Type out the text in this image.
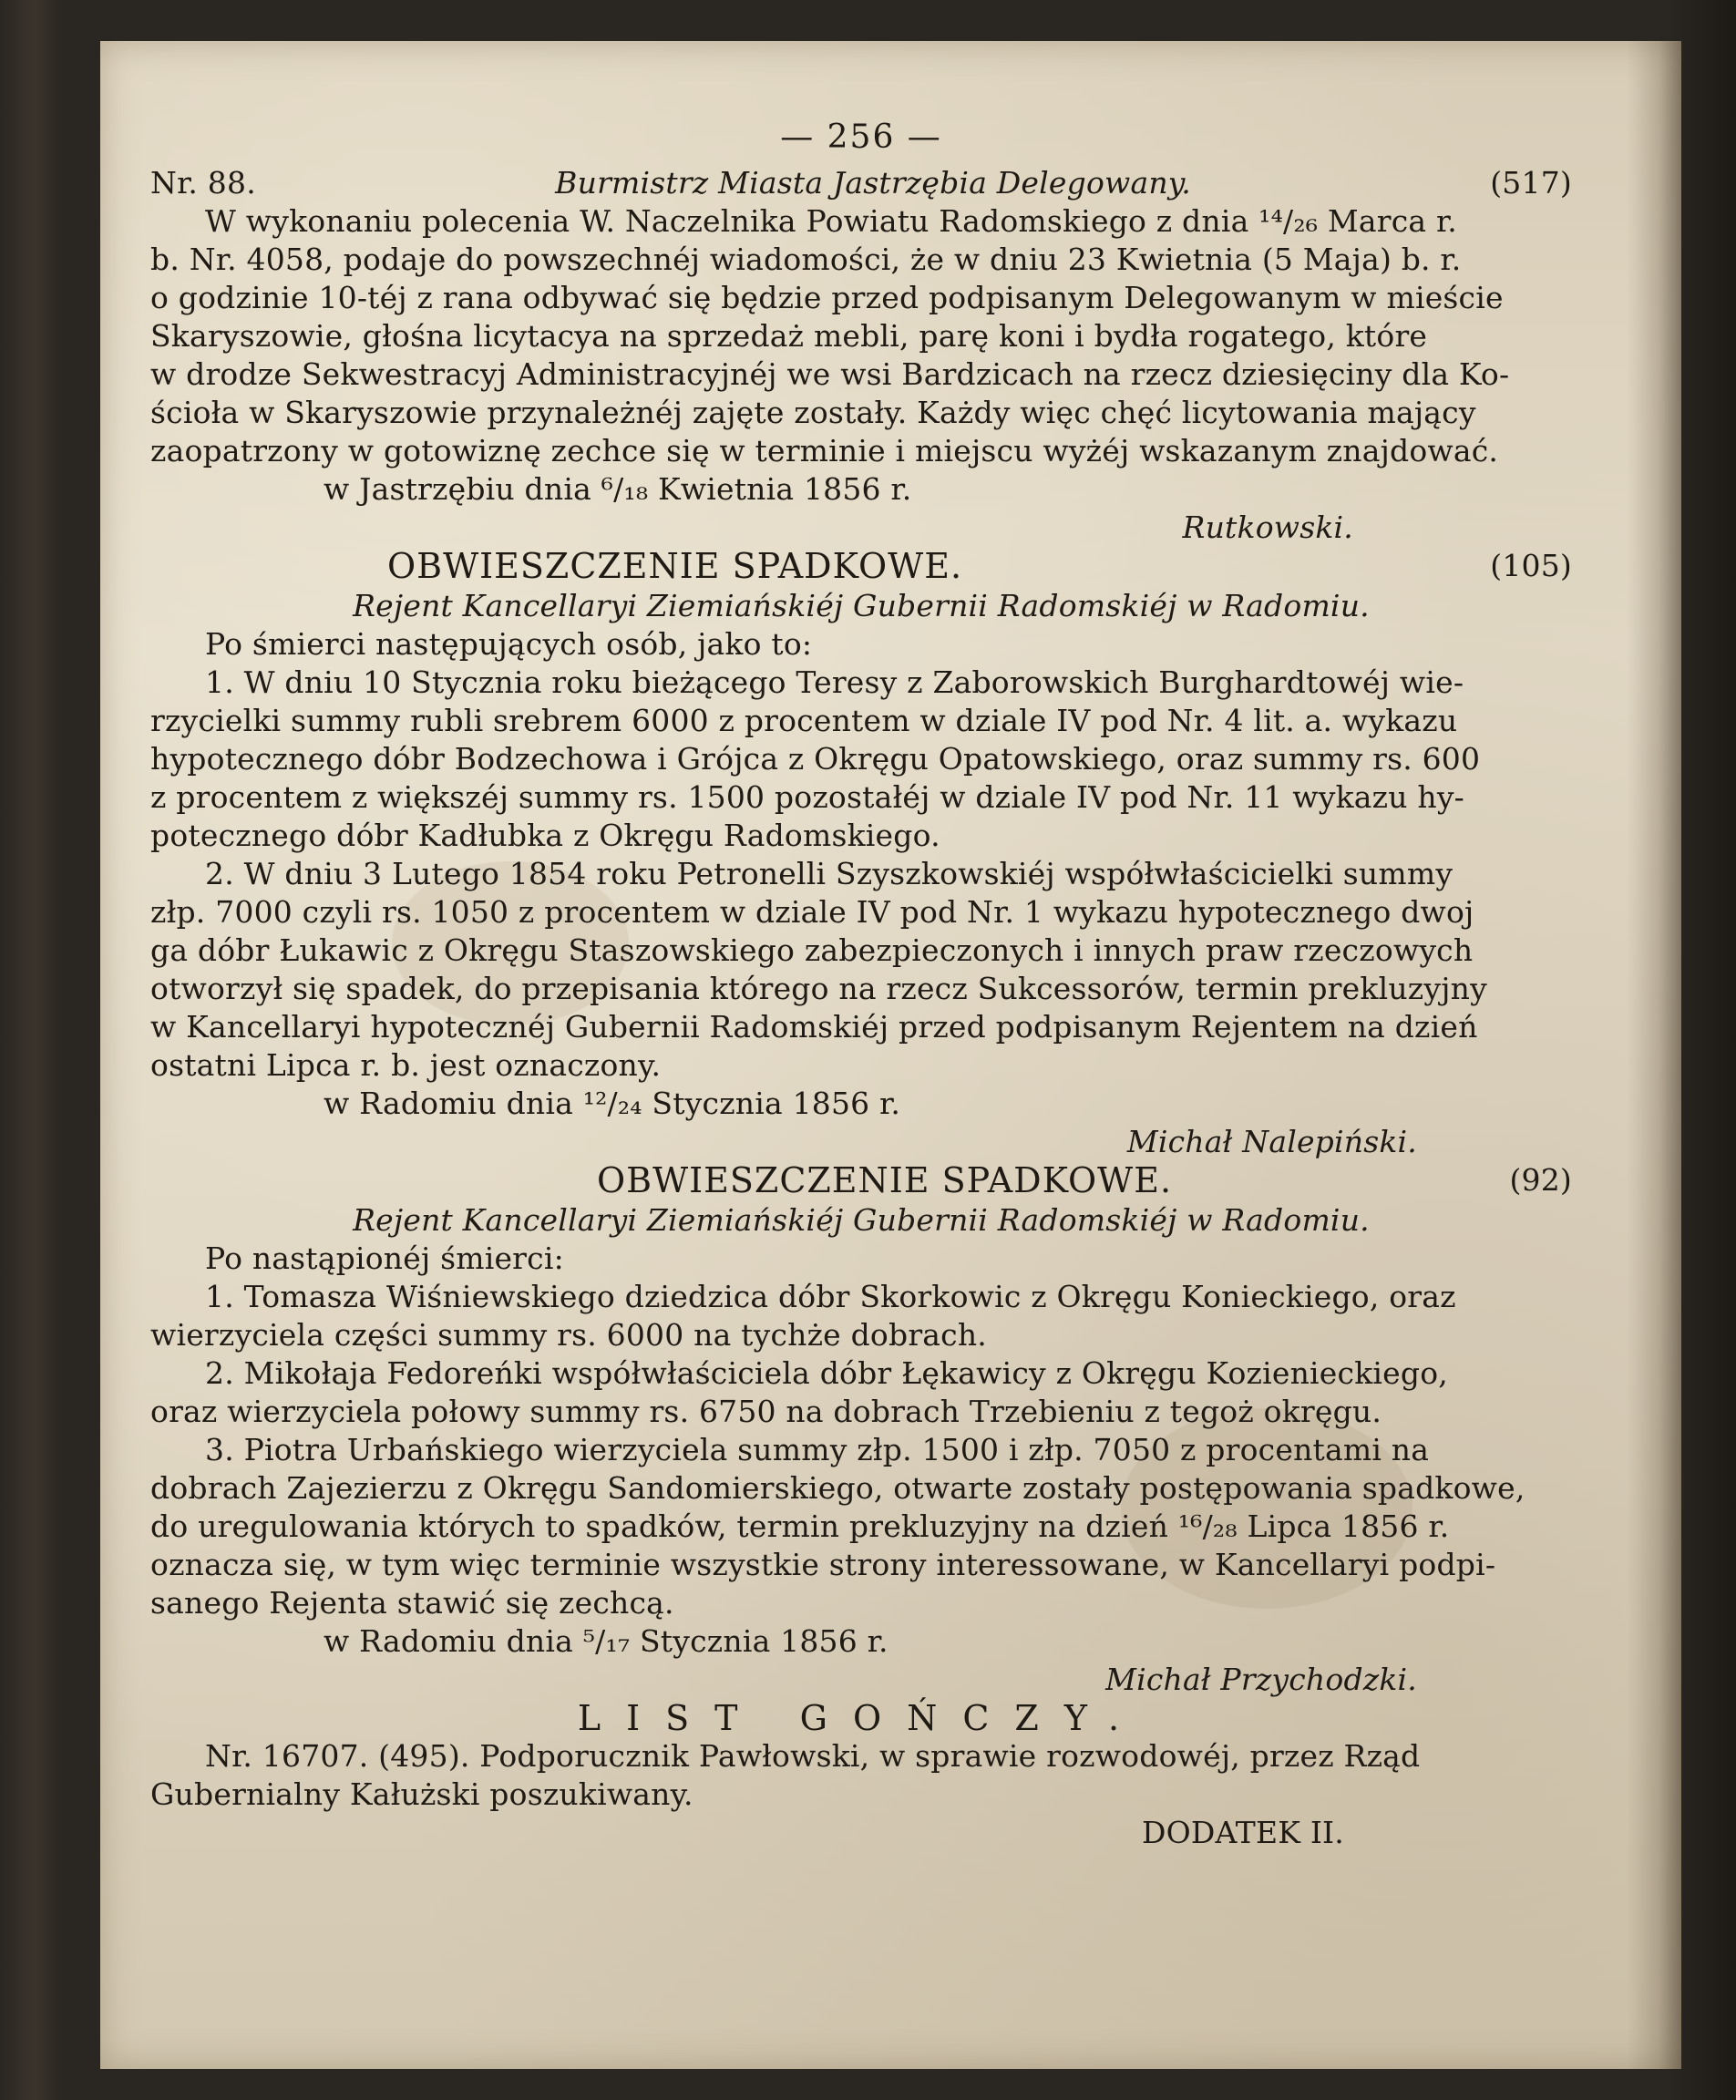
— 256 —
Nr. 88.	Burmistrz Miasta Jastrzębia Delegowany.	(517)
W wykonaniu polecenia W. Naczelnika Powiatu Radomskiego z dnia ¹⁴/₂₆ Marca r.
b. Nr. 4058, podaje do powszechnéj wiadomości, że w dniu 23 Kwietnia (5 Maja) b. r.
o godzinie 10-téj z rana odbywać się będzie przed podpisanym Delegowanym w mieście
Skaryszowie, głośna licytacya na sprzedaż mebli, parę koni i bydła rogatego, które
w drodze Sekwestracyj Administracyjnéj we wsi Bardzicach na rzecz dziesięciny dla Ko-
ścioła w Skaryszowie przynależnéj zajęte zostały. Każdy więc chęć licytowania mający
zaopatrzony w gotowiznę zechce się w terminie i miejscu wyżéj wskazanym znajdować.
w Jastrzębiu dnia ⁶/₁₈ Kwietnia 1856 r.
Rutkowski.
OBWIESZCZENIE SPADKOWE.	(105)
Rejent Kancellaryi Ziemiańskiéj Gubernii Radomskiéj w Radomiu.
Po śmierci następujących osób, jako to:
1. W dniu 10 Stycznia roku bieżącego Teresy z Zaborowskich Burghardtowéj wie-
rzycielki summy rubli srebrem 6000 z procentem w dziale IV pod Nr. 4 lit. a. wykazu
hypotecznego dóbr Bodzechowa i Grójca z Okręgu Opatowskiego, oraz summy rs. 600
z procentem z większéj summy rs. 1500 pozostałéj w dziale IV pod Nr. 11 wykazu hy-
potecznego dóbr Kadłubka z Okręgu Radomskiego.
2. W dniu 3 Lutego 1854 roku Petronelli Szyszkowskiéj współwłaścicielki summy
złp. 7000 czyli rs. 1050 z procentem w dziale IV pod Nr. 1 wykazu hypotecznego dwoj
ga dóbr Łukawic z Okręgu Staszowskiego zabezpieczonych i innych praw rzeczowych
otworzył się spadek, do przepisania którego na rzecz Sukcessorów, termin prekluzyjny
w Kancellaryi hypotecznéj Gubernii Radomskiéj przed podpisanym Rejentem na dzień
ostatni Lipca r. b. jest oznaczony.
w Radomiu dnia ¹²/₂₄ Stycznia 1856 r.
Michał Nalepiński.
OBWIESZCZENIE SPADKOWE.	(92)
Rejent Kancellaryi Ziemiańskiéj Gubernii Radomskiéj w Radomiu.
Po nastąpionéj śmierci:
1. Tomasza Wiśniewskiego dziedzica dóbr Skorkowic z Okręgu Konieckiego, oraz
wierzyciela części summy rs. 6000 na tychże dobrach.
2. Mikołaja Fedoreńki współwłaściciela dóbr Łękawicy z Okręgu Kozienieckiego,
oraz wierzyciela połowy summy rs. 6750 na dobrach Trzebieniu z tegoż okręgu.
3. Piotra Urbańskiego wierzyciela summy złp. 1500 i złp. 7050 z procentami na
dobrach Zajezierzu z Okręgu Sandomierskiego, otwarte zostały postępowania spadkowe,
do uregulowania których to spadków, termin prekluzyjny na dzień ¹⁶/₂₈ Lipca 1856 r.
oznacza się, w tym więc terminie wszystkie strony interessowane, w Kancellaryi podpi-
sanego Rejenta stawić się zechcą.
w Radomiu dnia ⁵/₁₇ Stycznia 1856 r.
Michał Przychodzki.
LIST GOŃCZY.
Nr. 16707. (495). Podporucznik Pawłowski, w sprawie rozwodowéj, przez Rząd
Gubernialny Kałużski poszukiwany.
DODATEK II.
